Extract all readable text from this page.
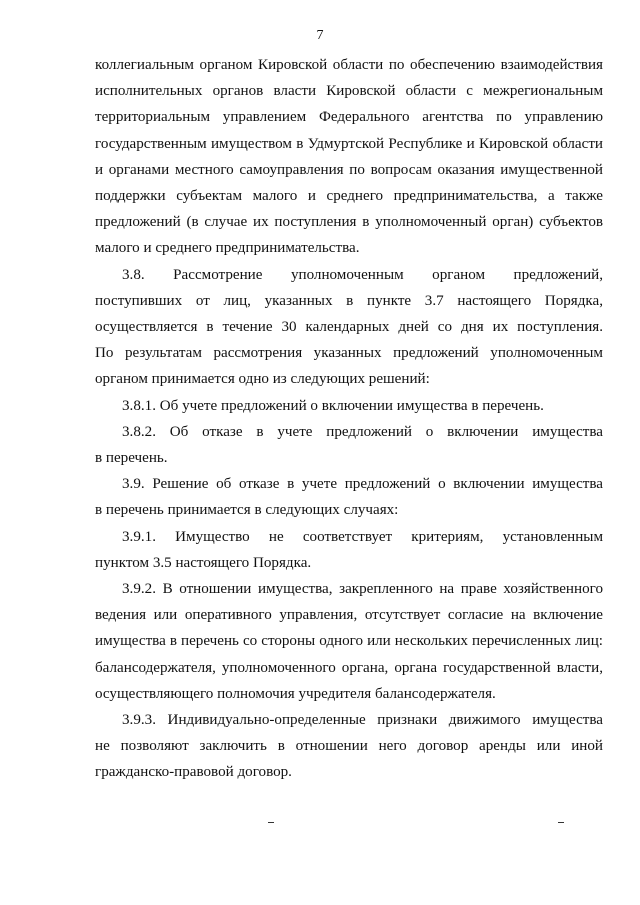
7
коллегиальным органом Кировской области по обеспечению взаимодействия
исполнительных органов власти Кировской области с межрегиональным
территориальным управлением Федерального агентства по управлению
государственным имуществом в Удмуртской Республике и Кировской области
и органами местного самоуправления по вопросам оказания имущественной
поддержки субъектам малого и среднего предпринимательства, а также
предложений (в случае их поступления в уполномоченный орган) субъектов
малого и среднего предпринимательства.
3.8. Рассмотрение уполномоченным органом предложений,
поступивших от лиц, указанных в пункте 3.7 настоящего Порядка,
осуществляется в течение 30 календарных дней со дня их поступления.
По результатам рассмотрения указанных предложений уполномоченным
органом принимается одно из следующих решений:
3.8.1. Об учете предложений о включении имущества в перечень.
3.8.2. Об отказе в учете предложений о включении имущества
в перечень.
3.9. Решение об отказе в учете предложений о включении имущества
в перечень принимается в следующих случаях:
3.9.1. Имущество не соответствует критериям, установленным
пунктом 3.5 настоящего Порядка.
3.9.2. В отношении имущества, закрепленного на праве хозяйственного
ведения или оперативного управления, отсутствует согласие на включение
имущества в перечень со стороны одного или нескольких перечисленных лиц:
балансодержателя, уполномоченного органа, органа государственной власти,
осуществляющего полномочия учредителя балансодержателя.
3.9.3. Индивидуально-определенные признаки движимого имущества
не позволяют заключить в отношении него договор аренды или иной
гражданско-правовой договор.
